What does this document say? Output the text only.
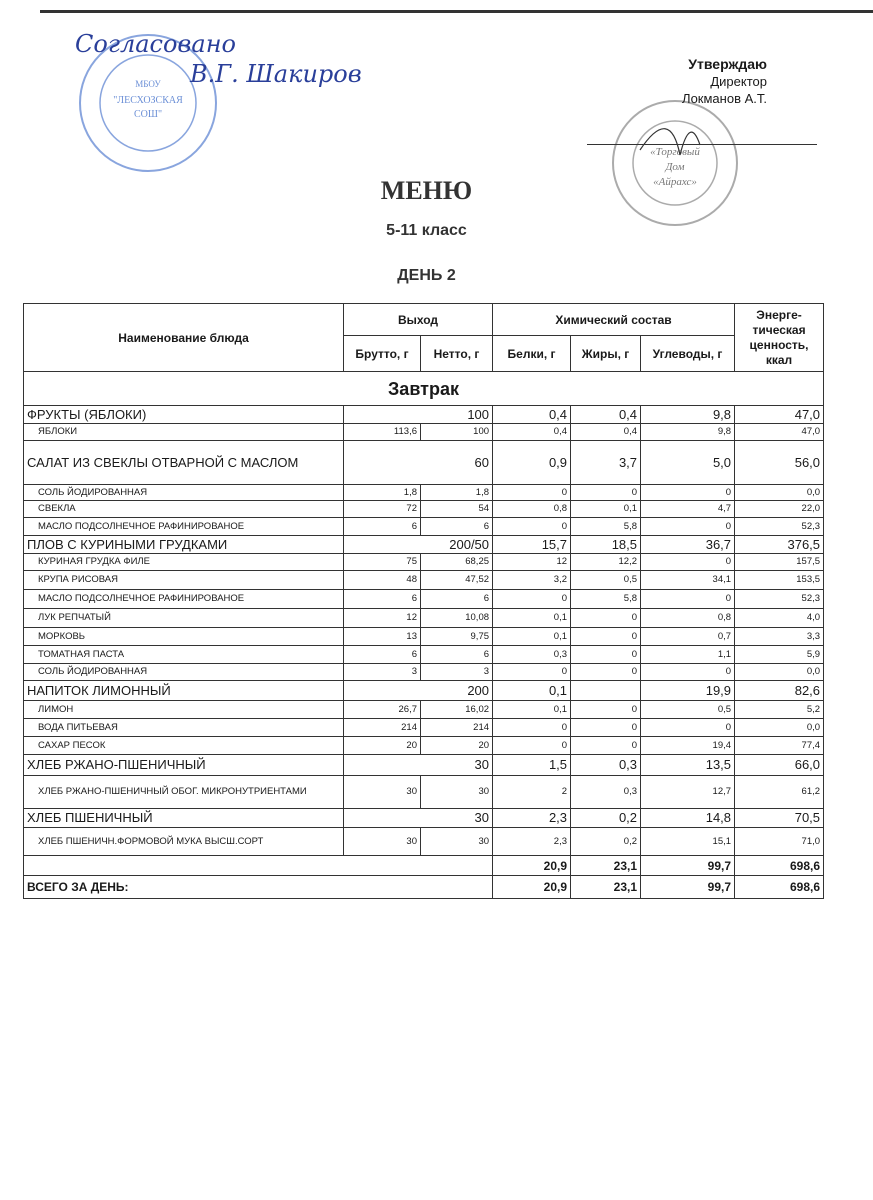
МБОУ
"ЛЕСХОЗСКАЯ
СОШ"
Согласовано
В.Г. Шакиров
«Торговый
Дом
«Айрахс»
Утверждаю
Директор
Локманов А.Т.
МЕНЮ
5-11 класс
ДЕНЬ 2
Наименование блюда	Выход		Химический состав			Энерге-тическая ценность, ккал
	Брутто, г	Нетто, г	Белки, г	Жиры, г	Углеводы, г	
Завтрак						
ФРУКТЫ (ЯБЛОКИ)	100		0,4	0,4	9,8	47,0
ЯБЛОКИ	113,6	100	0,4	0,4	9,8	47,0
САЛАТ ИЗ СВЕКЛЫ ОТВАРНОЙ С МАСЛОМ	60		0,9	3,7	5,0	56,0
СОЛЬ ЙОДИРОВАННАЯ	1,8	1,8	0	0	0	0,0
СВЕКЛА	72	54	0,8	0,1	4,7	22,0
МАСЛО ПОДСОЛНЕЧНОЕ РАФИНИРОВАНОЕ	6	6	0	5,8	0	52,3
ПЛОВ С КУРИНЫМИ ГРУДКАМИ	200/50		15,7	18,5	36,7	376,5
КУРИНАЯ ГРУДКА ФИЛЕ	75	68,25	12	12,2	0	157,5
КРУПА РИСОВАЯ	48	47,52	3,2	0,5	34,1	153,5
МАСЛО ПОДСОЛНЕЧНОЕ РАФИНИРОВАНОЕ	6	6	0	5,8	0	52,3
ЛУК РЕПЧАТЫЙ	12	10,08	0,1	0	0,8	4,0
МОРКОВЬ	13	9,75	0,1	0	0,7	3,3
ТОМАТНАЯ ПАСТА	6	6	0,3	0	1,1	5,9
СОЛЬ ЙОДИРОВАННАЯ	3	3	0	0	0	0,0
НАПИТОК ЛИМОННЫЙ	200		0,1		19,9	82,6
ЛИМОН	26,7	16,02	0,1	0	0,5	5,2
ВОДА ПИТЬЕВАЯ	214	214	0	0	0	0,0
САХАР ПЕСОК	20	20	0	0	19,4	77,4
ХЛЕБ РЖАНО-ПШЕНИЧНЫЙ	30		1,5	0,3	13,5	66,0
ХЛЕБ РЖАНО-ПШЕНИЧНЫЙ ОБОГ. МИКРОНУТРИЕНТАМИ	30	30	2	0,3	12,7	61,2
ХЛЕБ ПШЕНИЧНЫЙ	30		2,3	0,2	14,8	70,5
ХЛЕБ ПШЕНИЧН.ФОРМОВОЙ МУКА ВЫСШ.СОРТ	30	30	2,3	0,2	15,1	71,0
			20,9	23,1	99,7	698,6
ВСЕГО ЗА ДЕНЬ:			20,9	23,1	99,7	698,6
